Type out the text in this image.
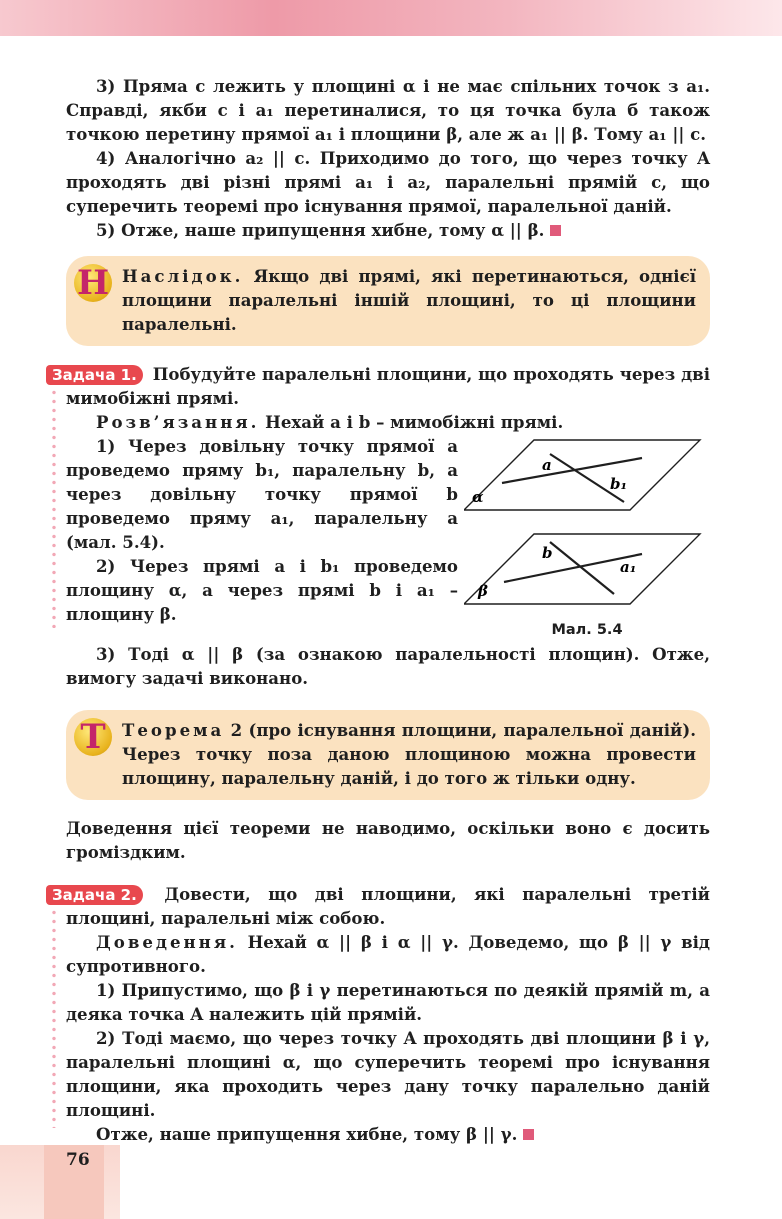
3) Пряма c лежить у площині α і не має спільних точок з a₁. Справді, якби c і a₁ перетиналися, то ця точка була б також точкою перетину прямої a₁ і площини β, але ж a₁ || β. Тому a₁ || c.

4) Аналогічно a₂ || c. Приходимо до того, що через точку A проходять дві різні прямі a₁ і a₂, паралельні прямій c, що суперечить теоремі про існування прямої, паралельної даній.

5) Отже, наше припущення хибне, тому α || β.

Н Наслідок. Якщо дві прямі, які перетинаються, однієї площини паралельні іншій площині, то ці площини паралельні.

Задача 1. Побудуйте паралельні площини, що проходять через дві мимобіжні прямі.

Розв’язання. Нехай a і b – мимобіжні прямі.

1) Через довільну точку прямої a проведемо пряму b₁, паралельну b, а через довільну точку прямої b проведемо пряму a₁, паралельну a (мал. 5.4).

2) Через прямі a і b₁ проведемо площину α, а через прямі b і a₁ – площину β.

α
a
b₁
β
b
a₁
Мал. 5.4

3) Тоді α || β (за ознакою паралельності площин). Отже, вимогу задачі виконано.

Т Теорема 2 (про існування площини, паралельної даній). Через точку поза даною площиною можна провести площину, паралельну даній, і до того ж тільки одну.

Доведення цієї теореми не наводимо, оскільки воно є досить громіздким.

Задача 2. Довести, що дві площини, які паралельні третій площині, паралельні між собою.

Доведення. Нехай α || β і α || γ. Доведемо, що β || γ від супротивного.

1) Припустимо, що β і γ перетинаються по деякій прямій m, а деяка точка A належить цій прямій.

2) Тоді маємо, що через точку A проходять дві площини β і γ, паралельні площині α, що суперечить теоремі про існування площини, яка проходить через дану точку паралельно даній площині.

Отже, наше припущення хибне, тому β || γ.

76
